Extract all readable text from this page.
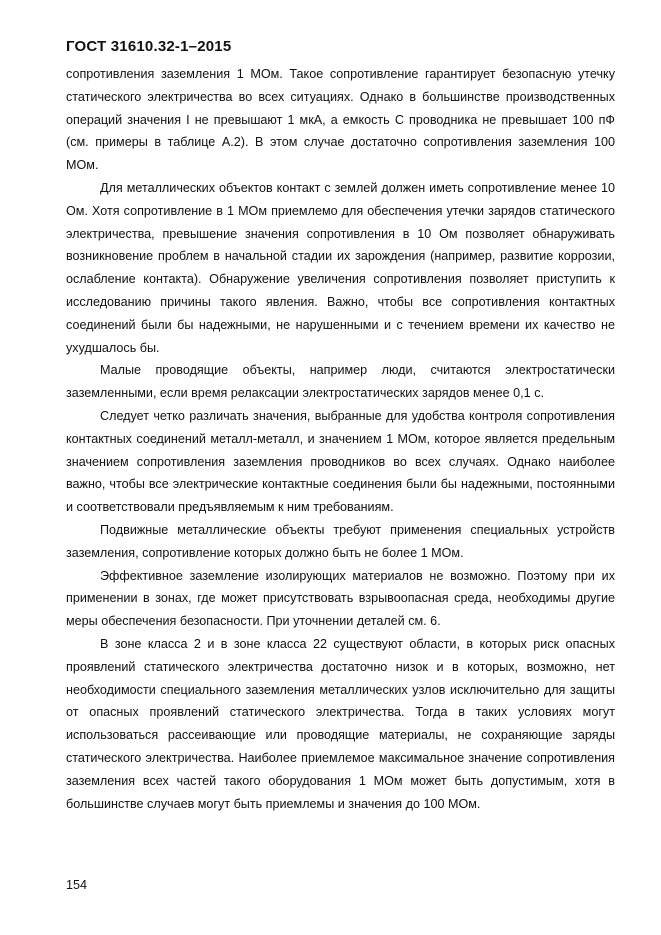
ГОСТ 31610.32-1–2015

сопротивления заземления 1 МОм. Такое сопротивление гарантирует безопасную утечку статического электричества во всех ситуациях. Однако в большинстве производственных операций значения I не превышают 1 мкА, а емкость С проводника не превышает 100 пФ (см. примеры в таблице А.2). В этом случае достаточно сопротивления заземления 100 МОм.

Для металлических объектов контакт с землей должен иметь сопротивление менее 10 Ом. Хотя сопротивление в 1 МОм приемлемо для обеспечения утечки зарядов статического электричества, превышение значения сопротивления в 10 Ом позволяет обнаруживать возникновение проблем в начальной стадии их зарождения (например, развитие коррозии, ослабление контакта). Обнаружение увеличения сопротивления позволяет приступить к исследованию причины такого явления. Важно, чтобы все сопротивления контактных соединений были бы надежными, не нарушенными и с течением времени их качество не ухудшалось бы.

Малые проводящие объекты, например люди, считаются электростатически заземленными, если время релаксации электростатических зарядов менее 0,1 с.

Следует четко различать значения, выбранные для удобства контроля сопротивления контактных соединений металл-металл, и значением 1 МОм, которое является предельным значением сопротивления заземления проводников во всех случаях. Однако наиболее важно, чтобы все электрические контактные соединения были бы надежными, постоянными и соответствовали предъявляемым к ним требованиям.

Подвижные металлические объекты требуют применения специальных устройств заземления, сопротивление которых должно быть не более 1 МОм.

Эффективное заземление изолирующих материалов не возможно. Поэтому при их применении в зонах, где может присутствовать взрывоопасная среда, необходимы другие меры обеспечения безопасности. При уточнении деталей см. 6.

В зоне класса 2 и в зоне класса 22 существуют области, в которых риск опасных проявлений статического электричества достаточно низок и в которых, возможно, нет необходимости специального заземления металлических узлов исключительно для защиты от опасных проявлений статического электричества. Тогда в таких условиях могут использоваться рассеивающие или проводящие материалы, не сохраняющие заряды статического электричества. Наиболее приемлемое максимальное значение сопротивления заземления всех частей такого оборудования 1 МОм может быть допустимым, хотя в большинстве случаев могут быть приемлемы и значения до 100 МОм.

154
